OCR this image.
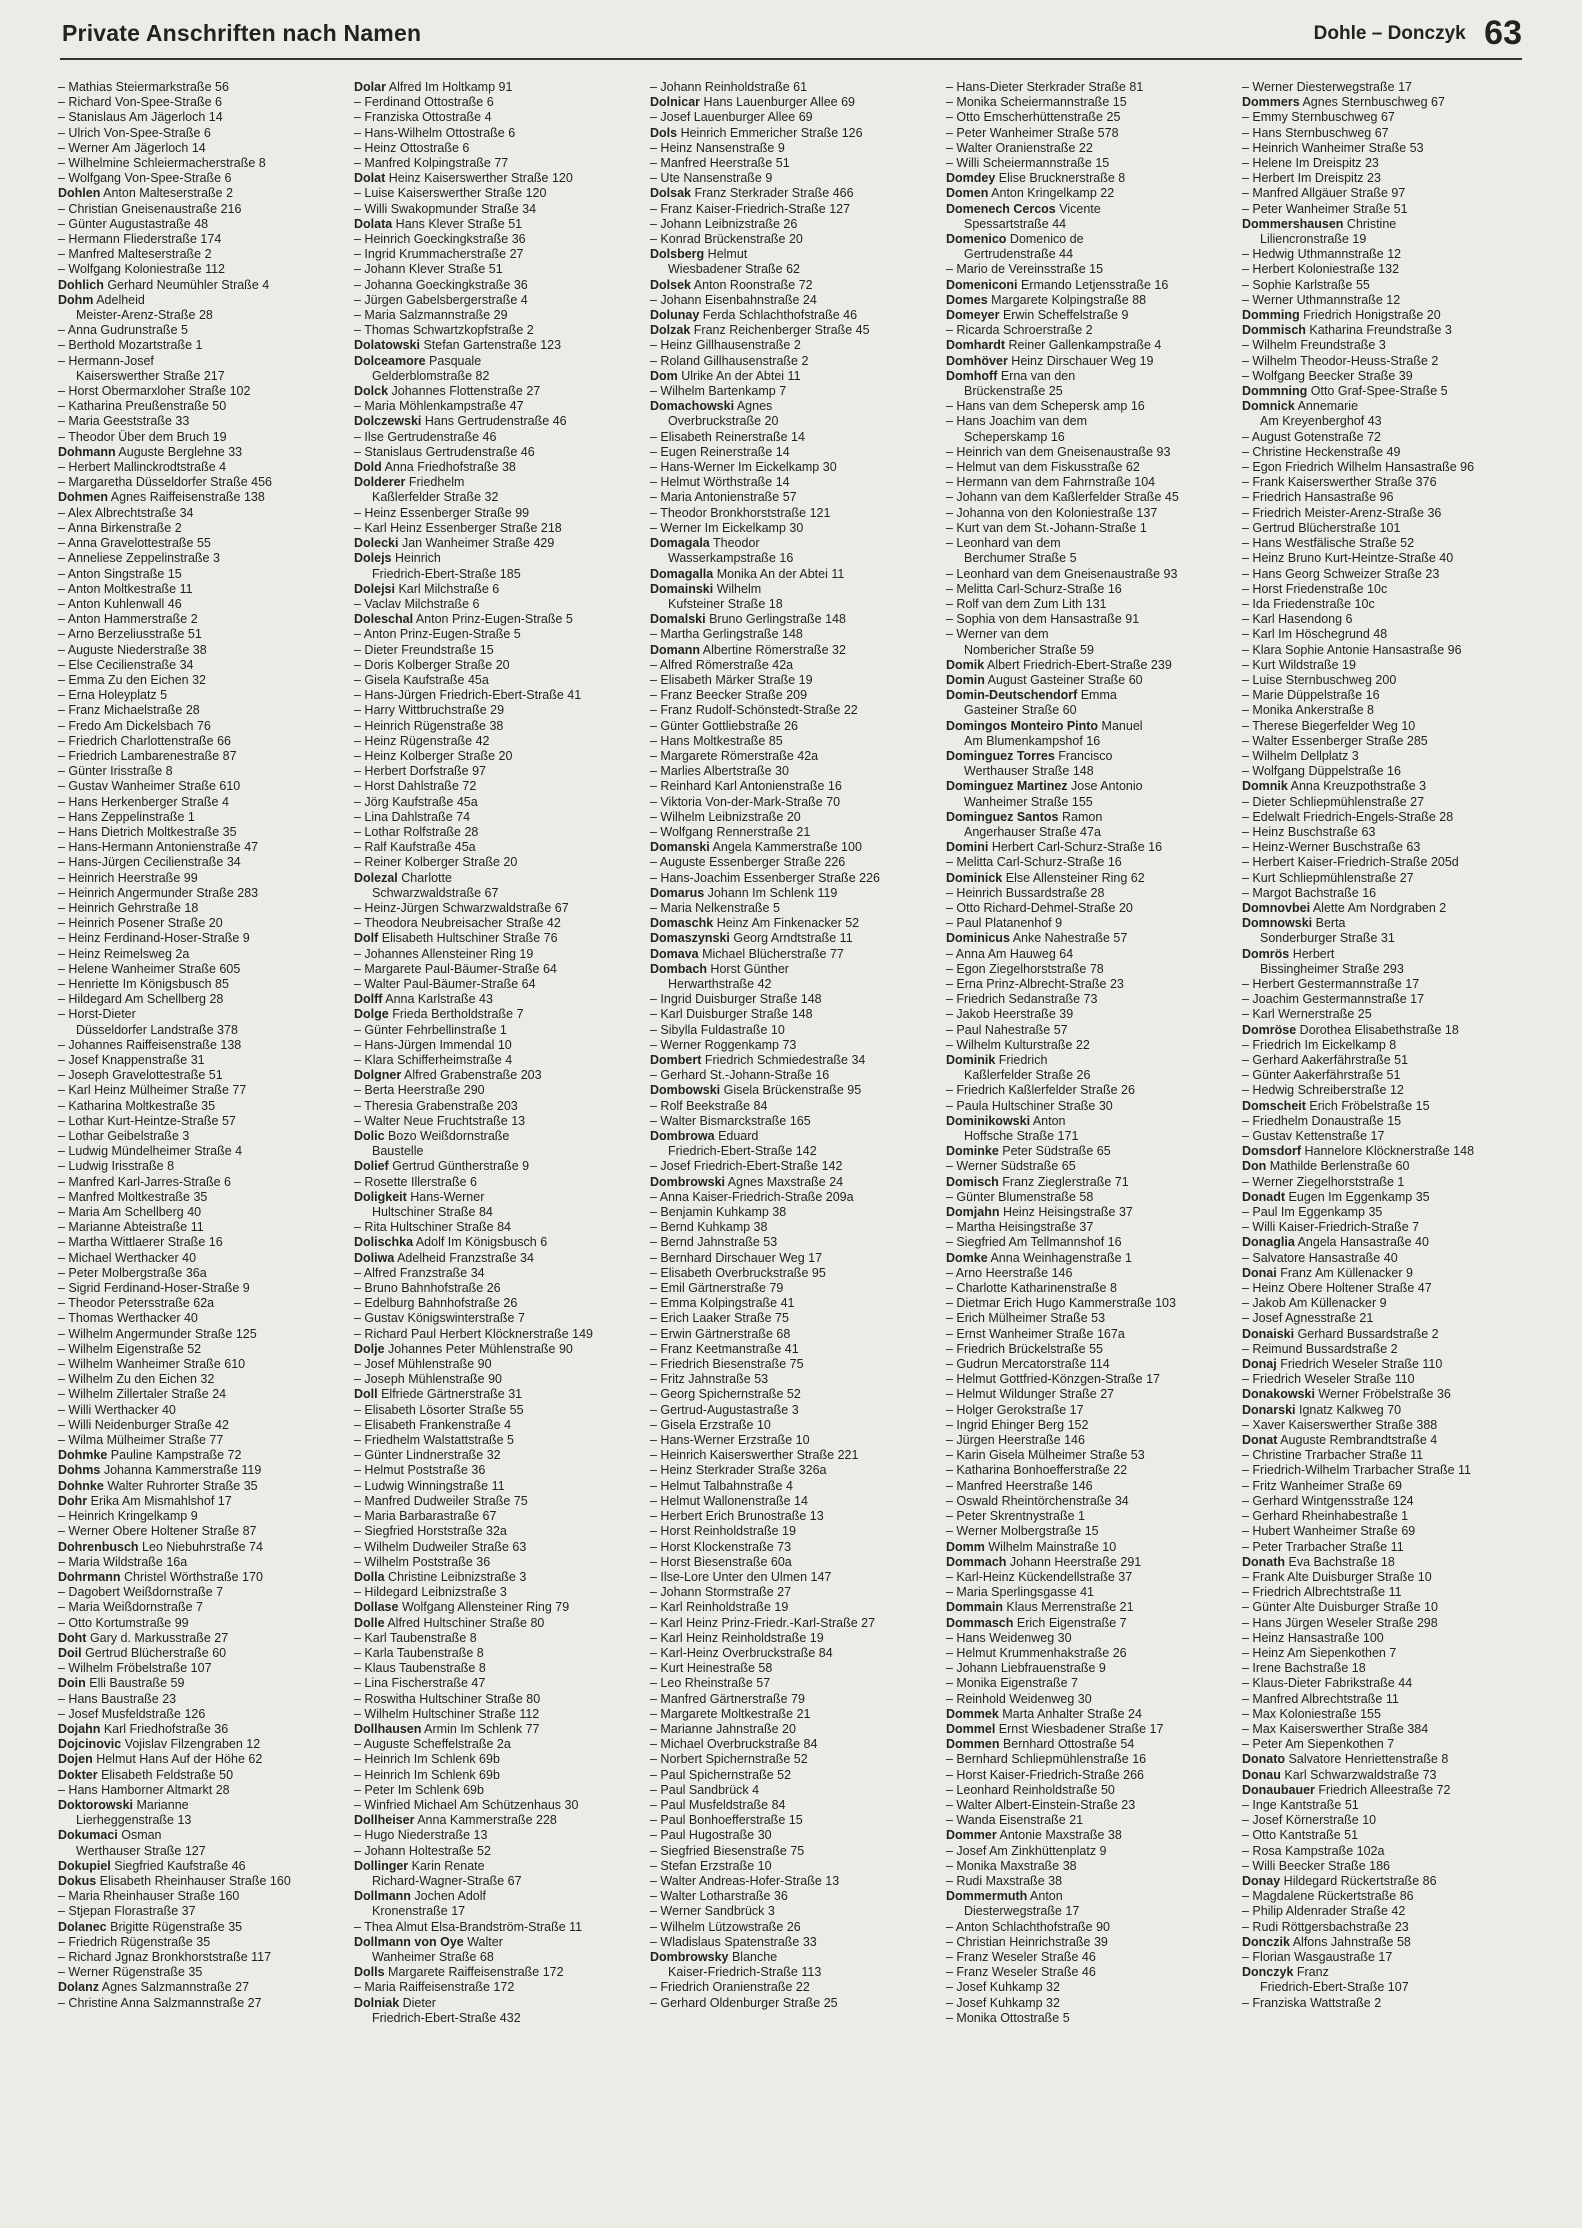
Private Anschriften nach Namen	Dohle – Donczyk 63
– Mathias Steiermarkstraße 56
– Richard Von-Spee-Straße 6
– Stanislaus Am Jägerloch 14
– Ulrich Von-Spee-Straße 6
– Werner Am Jägerloch 14
– Wilhelmine Schleiermacherstraße 8
– Wolfgang Von-Spee-Straße 6
Dohlen Anton Malteserstraße 2
– Christian Gneisenaustraße 216
– Günter Augustastraße 48
– Hermann Fliederstraße 174
– Manfred Malteserstraße 2
– Wolfgang Koloniestraße 112
Dohlich Gerhard Neumühler Straße 4
Dohm Adelheid
Meister-Arenz-Straße 28
– Anna Gudrunstraße 5
– Berthold Mozartstraße 1
– Hermann-Josef
Kaiserswerther Straße 217
– Horst Obermarxloher Straße 102
– Katharina Preußenstraße 50
– Maria Geeststraße 33
– Theodor Über dem Bruch 19
Dohmann Auguste Berglehne 33
– Herbert Mallinckrodtstraße 4
– Margaretha Düsseldorfer Straße 456
Dohmen Agnes Raiffeisenstraße 138
– Alex Albrechtstraße 34
– Anna Birkenstraße 2
– Anna Gravelottestraße 55
– Anneliese Zeppelinstraße 3
– Anton Singstraße 15
– Anton Moltkestraße 11
– Anton Kuhlenwall 46
– Anton Hammerstraße 2
– Arno Berzeliusstraße 51
– Auguste Niederstraße 38
– Else Cecilienstraße 34
– Emma Zu den Eichen 32
– Erna Holeyplatz 5
– Franz Michaelstraße 28
– Fredo Am Dickelsbach 76
– Friedrich Charlottenstraße 66
– Friedrich Lambarenestraße 87
– Günter Irisstraße 8
– Gustav Wanheimer Straße 610
– Hans Herkenberger Straße 4
– Hans Zeppelinstraße 1
– Hans Dietrich Moltkestraße 35
– Hans-Hermann Antonienstraße 47
– Hans-Jürgen Cecilienstraße 34
– Heinrich Heerstraße 99
– Heinrich Angermunder Straße 283
– Heinrich Gehrstraße 18
– Heinrich Posener Straße 20
– Heinz Ferdinand-Hoser-Straße 9
– Heinz Reimelsweg 2a
– Helene Wanheimer Straße 605
– Henriette Im Königsbusch 85
– Hildegard Am Schellberg 28
– Horst-Dieter
Düsseldorfer Landstraße 378
– Johannes Raiffeisenstraße 138
– Josef Knappenstraße 31
– Joseph Gravelottestraße 51
– Karl Heinz Mülheimer Straße 77
– Katharina Moltkestraße 35
– Lothar Kurt-Heintze-Straße 57
– Lothar Geibelstraße 3
– Ludwig Mündelheimer Straße 4
– Ludwig Irisstraße 8
– Manfred Karl-Jarres-Straße 6
– Manfred Moltkestraße 35
– Maria Am Schellberg 40
– Marianne Abteistraße 11
– Martha Wittlaerer Straße 16
– Michael Werthacker 40
– Peter Molbergstraße 36a
– Sigrid Ferdinand-Hoser-Straße 9
– Theodor Petersstraße 62a
– Thomas Werthacker 40
– Wilhelm Angermunder Straße 125
– Wilhelm Eigenstraße 52
– Wilhelm Wanheimer Straße 610
– Wilhelm Zu den Eichen 32
– Wilhelm Zillertaler Straße 24
– Willi Werthacker 40
– Willi Neidenburger Straße 42
– Wilma Mülheimer Straße 77
Dohmke Pauline Kampstraße 72
Dohms Johanna Kammerstraße 119
Dohnke Walter Ruhrorter Straße 35
Dohr Erika Am Mismahlshof 17
– Heinrich Kringelkamp 9
– Werner Obere Holtener Straße 87
Dohrenbusch Leo Niebuhrstraße 74
– Maria Wildstraße 16a
Dohrmann Christel Wörthstraße 170
– Dagobert Weißdornstraße 7
– Maria Weißdornstraße 7
– Otto Kortumstraße 99
Doht Gary d. Markusstraße 27
Doil Gertrud Blücherstraße 60
– Wilhelm Fröbelstraße 107
Doin Elli Baustraße 59
– Hans Baustraße 23
– Josef Musfeldstraße 126
Dojahn Karl Friedhofstraße 36
Dojcinovic Vojislav Filzengraben 12
Dojen Helmut Hans Auf der Höhe 62
Dokter Elisabeth Feldstraße 50
– Hans Hamborner Altmarkt 28
Doktorowski Marianne
Lierheggenstraße 13
Dokumaci Osman
Werthauser Straße 127
Dokupiel Siegfried Kaufstraße 46
Dokus Elisabeth Rheinhauser Straße 160
– Maria Rheinhauser Straße 160
– Stjepan Florastraße 37
Dolanec Brigitte Rügenstraße 35
– Friedrich Rügenstraße 35
– Richard Jgnaz Bronkhorststraße 117
– Werner Rügenstraße 35
Dolanz Agnes Salzmannstraße 27
– Christine Anna Salzmannstraße 27
Dolar Alfred Im Holtkamp 91
– Ferdinand Ottostraße 6
– Franziska Ottostraße 4
– Hans-Wilhelm Ottostraße 6
– Heinz Ottostraße 6
– Manfred Kolpingstraße 77
Dolat Heinz Kaiserswerther Straße 120
– Luise Kaiserswerther Straße 120
– Willi Swakopmunder Straße 34
Dolata Hans Klever Straße 51
– Heinrich Goeckingkstraße 36
– Ingrid Krummacherstraße 27
– Johann Klever Straße 51
– Johanna Goeckingkstraße 36
– Jürgen Gabelsbergerstraße 4
– Maria Salzmannstraße 29
– Thomas Schwartzkopfstraße 2
Dolatowski Stefan Gartenstraße 123
Dolceamore Pasquale
Gelderblomstraße 82
Dolck Johannes Flottenstraße 27
– Maria Möhlenkampstraße 47
Dolczewski Hans Gertrudenstraße 46
– Ilse Gertrudenstraße 46
– Stanislaus Gertrudenstraße 46
Dold Anna Friedhofstraße 38
Dolderer Friedhelm
Kaßlerfelder Straße 32
– Heinz Essenberger Straße 99
– Karl Heinz Essenberger Straße 218
Dolecki Jan Wanheimer Straße 429
Dolejs Heinrich
Friedrich-Ebert-Straße 185
Dolejsi Karl Milchstraße 6
– Vaclav Milchstraße 6
Doleschal Anton Prinz-Eugen-Straße 5
– Anton Prinz-Eugen-Straße 5
– Dieter Freundstraße 15
– Doris Kolberger Straße 20
– Gisela Kaufstraße 45a
– Hans-Jürgen Friedrich-Ebert-Straße 41
– Harry Wittbruchstraße 29
– Heinrich Rügenstraße 38
– Heinz Rügenstraße 42
– Heinz Kolberger Straße 20
– Herbert Dorfstraße 97
– Horst Dahlstraße 72
– Jörg Kaufstraße 45a
– Lina Dahlstraße 74
– Lothar Rolfstraße 28
– Ralf Kaufstraße 45a
– Reiner Kolberger Straße 20
Dolezal Charlotte
Schwarzwaldstraße 67
– Heinz-Jürgen Schwarzwaldstraße 67
– Theodora Neubreisacher Straße 42
Dolf Elisabeth Hultschiner Straße 76
– Johannes Allensteiner Ring 19
– Margarete Paul-Bäumer-Straße 64
– Walter Paul-Bäumer-Straße 64
Dolff Anna Karlstraße 43
Dolge Frieda Bertholdstraße 7
– Günter Fehrbellinstraße 1
– Hans-Jürgen Immendal 10
– Klara Schifferheimstraße 4
Dolgner Alfred Grabenstraße 203
– Berta Heerstraße 290
– Theresia Grabenstraße 203
– Walter Neue Fruchtstraße 13
Dolic Bozo Weißdornstraße
Baustelle
Dolief Gertrud Güntherstraße 9
– Rosette Illerstraße 6
Doligkeit Hans-Werner
Hultschiner Straße 84
– Rita Hultschiner Straße 84
Dolischka Adolf Im Königsbusch 6
Doliwa Adelheid Franzstraße 34
– Alfred Franzstraße 34
– Bruno Bahnhofstraße 26
– Edelburg Bahnhofstraße 26
– Gustav Königswinterstraße 7
– Richard Paul Herbert Klöcknerstraße 149
Dolje Johannes Peter Mühlenstraße 90
– Josef Mühlenstraße 90
– Joseph Mühlenstraße 90
Doll Elfriede Gärtnerstraße 31
– Elisabeth Lösorter Straße 55
– Elisabeth Frankenstraße 4
– Friedhelm Walstattstraße 5
– Günter Lindnerstraße 32
– Helmut Poststraße 36
– Ludwig Winningstraße 11
– Manfred Dudweiler Straße 75
– Maria Barbarastraße 67
– Siegfried Horststraße 32a
– Wilhelm Dudweiler Straße 63
– Wilhelm Poststraße 36
Dolla Christine Leibnizstraße 3
– Hildegard Leibnizstraße 3
Dollase Wolfgang Allensteiner Ring 79
Dolle Alfred Hultschiner Straße 80
– Karl Taubenstraße 8
– Karla Taubenstraße 8
– Klaus Taubenstraße 8
– Lina Fischerstraße 47
– Roswitha Hultschiner Straße 80
– Wilhelm Hultschiner Straße 112
Dollhausen Armin Im Schlenk 77
– Auguste Scheffelstraße 2a
– Heinrich Im Schlenk 69b
– Heinrich Im Schlenk 69b
– Peter Im Schlenk 69b
– Winfried Michael Am Schützenhaus 30
Dollheiser Anna Kammerstraße 228
– Hugo Niederstraße 13
– Johann Holtestraße 52
Dollinger Karin Renate
Richard-Wagner-Straße 67
Dollmann Jochen Adolf
Kronenstraße 17
– Thea Almut Elsa-Brandström-Straße 11
Dollmann von Oye Walter
Wanheimer Straße 68
Dolls Margarete Raiffeisenstraße 172
– Maria Raiffeisenstraße 172
Dolniak Dieter
Friedrich-Ebert-Straße 432
– Johann Reinholdstraße 61
Dolnicar Hans Lauenburger Allee 69
– Josef Lauenburger Allee 69
Dols Heinrich Emmericher Straße 126
– Heinz Nansenstraße 9
– Manfred Heerstraße 51
– Ute Nansenstraße 9
Dolsak Franz Sterkrader Straße 466
– Franz Kaiser-Friedrich-Straße 127
– Johann Leibnizstraße 26
– Konrad Brückenstraße 20
Dolsberg Helmut
Wiesbadener Straße 62
Dolsek Anton Roonstraße 72
– Johann Eisenbahnstraße 24
Dolunay Ferda Schlachthofstraße 46
Dolzak Franz Reichenberger Straße 45
– Heinz Gillhausenstraße 2
– Roland Gillhausenstraße 2
Dom Ulrike An der Abtei 11
– Wilhelm Bartenkamp 7
Domachowski Agnes
Overbruckstraße 20
– Elisabeth Reinerstraße 14
– Eugen Reinerstraße 14
– Hans-Werner Im Eickelkamp 30
– Helmut Wörthstraße 14
– Maria Antonienstraße 57
– Theodor Bronkhorststraße 121
– Werner Im Eickelkamp 30
Domagala Theodor
Wasserkampstraße 16
Domagalla Monika An der Abtei 11
Domainski Wilhelm
Kufsteiner Straße 18
Domalski Bruno Gerlingstraße 148
– Martha Gerlingstraße 148
Domann Albertine Römerstraße 32
– Alfred Römerstraße 42a
– Elisabeth Märker Straße 19
– Franz Beecker Straße 209
– Franz Rudolf-Schönstedt-Straße 22
– Günter Gottliebstraße 26
– Hans Moltkestraße 85
– Margarete Römerstraße 42a
– Marlies Albertstraße 30
– Reinhard Karl Antonienstraße 16
– Viktoria Von-der-Mark-Straße 70
– Wilhelm Leibnizstraße 20
– Wolfgang Rennerstraße 21
Domanski Angela Kammerstraße 100
– Auguste Essenberger Straße 226
– Hans-Joachim Essenberger Straße 226
Domarus Johann Im Schlenk 119
– Maria Nelkenstraße 5
Domaschk Heinz Am Finkenacker 52
Domaszynski Georg Arndtstraße 11
Domava Michael Blücherstraße 77
Dombach Horst Günther
Herwarthstraße 42
– Ingrid Duisburger Straße 148
– Karl Duisburger Straße 148
– Sibylla Fuldastraße 10
– Werner Roggenkamp 73
Dombert Friedrich Schmiedestraße 34
– Gerhard St.-Johann-Straße 16
Dombowski Gisela Brückenstraße 95
– Rolf Beekstraße 84
– Walter Bismarckstraße 165
Dombrowa Eduard
Friedrich-Ebert-Straße 142
– Josef Friedrich-Ebert-Straße 142
Dombrowski Agnes Maxstraße 24
– Anna Kaiser-Friedrich-Straße 209a
– Benjamin Kuhkamp 38
– Bernd Kuhkamp 38
– Bernd Jahnstraße 53
– Bernhard Dirschauer Weg 17
– Elisabeth Overbruckstraße 95
– Emil Gärtnerstraße 79
– Emma Kolpingstraße 41
– Erich Laaker Straße 75
– Erwin Gärtnerstraße 68
– Franz Keetmanstraße 41
– Friedrich Biesenstraße 75
– Fritz Jahnstraße 53
– Georg Spichernstraße 52
– Gertrud-Augustastraße 3
– Gisela Erzstraße 10
– Hans-Werner Erzstraße 10
– Heinrich Kaiserswerther Straße 221
– Heinz Sterkrader Straße 326a
– Helmut Talbahnstraße 4
– Helmut Wallonenstraße 14
– Herbert Erich Brunostraße 13
– Horst Reinholdstraße 19
– Horst Klockenstraße 73
– Horst Biesenstraße 60a
– Ilse-Lore Unter den Ulmen 147
– Johann Stormstraße 27
– Karl Reinholdstraße 19
– Karl Heinz Prinz-Friedr.-Karl-Straße 27
– Karl Heinz Reinholdstraße 19
– Karl-Heinz Overbruckstraße 84
– Kurt Heinestraße 58
– Leo Rheinstraße 57
– Manfred Gärtnerstraße 79
– Margarete Moltkestraße 21
– Marianne Jahnstraße 20
– Michael Overbruckstraße 84
– Norbert Spichernstraße 52
– Paul Spichernstraße 52
– Paul Sandbrück 4
– Paul Musfeldstraße 84
– Paul Bonhoefferstraße 15
– Paul Hugostraße 30
– Siegfried Biesenstraße 75
– Stefan Erzstraße 10
– Walter Andreas-Hofer-Straße 13
– Walter Lotharstraße 36
– Werner Sandbrück 3
– Wilhelm Lützowstraße 26
– Wladislaus Spatenstraße 33
Dombrowsky Blanche
Kaiser-Friedrich-Straße 113
– Friedrich Oranienstraße 22
– Gerhard Oldenburger Straße 25
– Hans-Dieter Sterkrader Straße 81
– Monika Scheiermannstraße 15
– Otto Emscherhüttenstraße 25
– Peter Wanheimer Straße 578
– Walter Oranienstraße 22
– Willi Scheiermannstraße 15
Domdey Elise Brucknerstraße 8
Domen Anton Kringelkamp 22
Domenech Cercos Vicente
Spessartstraße 44
Domenico Domenico de
Gertrudenstraße 44
– Mario de Vereinsstraße 15
Domeniconi Ermando Letjensstraße 16
Domes Margarete Kolpingstraße 88
Domeyer Erwin Scheffelstraße 9
– Ricarda Schroerstraße 2
Domhardt Reiner Gallenkampstraße 4
Domhöver Heinz Dirschauer Weg 19
Domhoff Erna van den
Brückenstraße 25
– Hans van dem Schepersk amp 16
– Hans Joachim van dem
Scheperskamp 16
– Heinrich van dem Gneisenaustraße 93
– Helmut van dem Fiskusstraße 62
– Hermann van dem Fahrnstraße 104
– Johann van dem Kaßlerfelder Straße 45
– Johanna von den Koloniestraße 137
– Kurt van dem St.-Johann-Straße 1
– Leonhard van dem
Berchumer Straße 5
– Leonhard van dem Gneisenaustraße 93
– Melitta Carl-Schurz-Straße 16
– Rolf van dem Zum Lith 131
– Sophia von dem Hansastraße 91
– Werner van dem
Nombericher Straße 59
Domik Albert Friedrich-Ebert-Straße 239
Domin August Gasteiner Straße 60
Domin-Deutschendorf Emma
Gasteiner Straße 60
Domingos Monteiro Pinto Manuel
Am Blumenkampshof 16
Dominguez Torres Francisco
Werthauser Straße 148
Dominguez Martinez Jose Antonio
Wanheimer Straße 155
Dominguez Santos Ramon
Angerhauser Straße 47a
Domini Herbert Carl-Schurz-Straße 16
– Melitta Carl-Schurz-Straße 16
Dominick Else Allensteiner Ring 62
– Heinrich Bussardstraße 28
– Otto Richard-Dehmel-Straße 20
– Paul Platanenhof 9
Dominicus Anke Nahestraße 57
– Anna Am Hauweg 64
– Egon Ziegelhorststraße 78
– Erna Prinz-Albrecht-Straße 23
– Friedrich Sedanstraße 73
– Jakob Heerstraße 39
– Paul Nahestraße 57
– Wilhelm Kulturstraße 22
Dominik Friedrich
Kaßlerfelder Straße 26
– Friedrich Kaßlerfelder Straße 26
– Paula Hultschiner Straße 30
Dominikowski Anton
Hoffsche Straße 171
Dominke Peter Südstraße 65
– Werner Südstraße 65
Domisch Franz Zieglerstraße 71
– Günter Blumenstraße 58
Domjahn Heinz Heisingstraße 37
– Martha Heisingstraße 37
– Siegfried Am Tellmannshof 16
Domke Anna Weinhagenstraße 1
– Arno Heerstraße 146
– Charlotte Katharinenstraße 8
– Dietmar Erich Hugo Kammerstraße 103
– Erich Mülheimer Straße 53
– Ernst Wanheimer Straße 167a
– Friedrich Brückelstraße 55
– Gudrun Mercatorstraße 114
– Helmut Gottfried-Könzgen-Straße 17
– Helmut Wildunger Straße 27
– Holger Gerokstraße 17
– Ingrid Ehinger Berg 152
– Jürgen Heerstraße 146
– Karin Gisela Mülheimer Straße 53
– Katharina Bonhoefferstraße 22
– Manfred Heerstraße 146
– Oswald Rheintörchenstraße 34
– Peter Skrentnystraße 1
– Werner Molbergstraße 15
Domm Wilhelm Mainstraße 10
Dommach Johann Heerstraße 291
– Karl-Heinz Kückendellstraße 37
– Maria Sperlingsgasse 41
Dommain Klaus Merrenstraße 21
Dommasch Erich Eigenstraße 7
– Hans Weidenweg 30
– Helmut Krummenhakstraße 26
– Johann Liebfrauenstraße 9
– Monika Eigenstraße 7
– Reinhold Weidenweg 30
Dommek Marta Anhalter Straße 24
Dommel Ernst Wiesbadener Straße 17
Dommen Bernhard Ottostraße 54
– Bernhard Schliepmühlenstraße 16
– Horst Kaiser-Friedrich-Straße 266
– Leonhard Reinholdstraße 50
– Walter Albert-Einstein-Straße 23
– Wanda Eisenstraße 21
Dommer Antonie Maxstraße 38
– Josef Am Zinkhüttenplatz 9
– Monika Maxstraße 38
– Rudi Maxstraße 38
Dommermuth Anton
Diesterwegstraße 17
– Anton Schlachthofstraße 90
– Christian Heinrichstraße 39
– Franz Weseler Straße 46
– Franz Weseler Straße 46
– Josef Kuhkamp 32
– Josef Kuhkamp 32
– Monika Ottostraße 5
– Werner Diesterwegstraße 17
Dommers Agnes Sternbuschweg 67
– Emmy Sternbuschweg 67
– Hans Sternbuschweg 67
– Heinrich Wanheimer Straße 53
– Helene Im Dreispitz 23
– Herbert Im Dreispitz 23
– Manfred Allgäuer Straße 97
– Peter Wanheimer Straße 51
Dommershausen Christine
Liliencronstraße 19
– Hedwig Uthmannstraße 12
– Herbert Koloniestraße 132
– Sophie Karlstraße 55
– Werner Uthmannstraße 12
Domming Friedrich Honigstraße 20
Dommisch Katharina Freundstraße 3
– Wilhelm Freundstraße 3
– Wilhelm Theodor-Heuss-Straße 2
– Wolfgang Beecker Straße 39
Dommning Otto Graf-Spee-Straße 5
Domnick Annemarie
Am Kreyenberghof 43
– August Gotenstraße 72
– Christine Heckenstraße 49
– Egon Friedrich Wilhelm Hansastraße 96
– Frank Kaiserswerther Straße 376
– Friedrich Hansastraße 96
– Friedrich Meister-Arenz-Straße 36
– Gertrud Blücherstraße 101
– Hans Westfälische Straße 52
– Heinz Bruno Kurt-Heintze-Straße 40
– Hans Georg Schweizer Straße 23
– Horst Friedenstraße 10c
– Ida Friedenstraße 10c
– Karl Hasendong 6
– Karl Im Höschegrund 48
– Klara Sophie Antonie Hansastraße 96
– Kurt Wildstraße 19
– Luise Sternbuschweg 200
– Marie Düppelstraße 16
– Monika Ankerstraße 8
– Therese Biegerfelder Weg 10
– Walter Essenberger Straße 285
– Wilhelm Dellplatz 3
– Wolfgang Düppelstraße 16
Domnik Anna Kreuzpothstraße 3
– Dieter Schliepmühlenstraße 27
– Edelwalt Friedrich-Engels-Straße 28
– Heinz Buschstraße 63
– Heinz-Werner Buschstraße 63
– Herbert Kaiser-Friedrich-Straße 205d
– Kurt Schliepmühlenstraße 27
– Margot Bachstraße 16
Domnovbei Alette Am Nordgraben 2
Domnowski Berta
Sonderburger Straße 31
Domrös Herbert
Bissingheimer Straße 293
– Herbert Gestermannstraße 17
– Joachim Gestermannstraße 17
– Karl Wernerstraße 25
Domröse Dorothea Elisabethstraße 18
– Friedrich Im Eickelkamp 8
– Gerhard Aakerfährstraße 51
– Günter Aakerfährstraße 51
– Hedwig Schreiberstraße 12
Domscheit Erich Fröbelstraße 15
– Friedhelm Donaustraße 15
– Gustav Kettenstraße 17
Domsdorf Hannelore Klöcknerstraße 148
Don Mathilde Berlenstraße 60
– Werner Ziegelhorststraße 1
Donadt Eugen Im Eggenkamp 35
– Paul Im Eggenkamp 35
– Willi Kaiser-Friedrich-Straße 7
Donaglia Angela Hansastraße 40
– Salvatore Hansastraße 40
Donai Franz Am Küllenacker 9
– Heinz Obere Holtener Straße 47
– Jakob Am Küllenacker 9
– Josef Agnesstraße 21
Donaiski Gerhard Bussardstraße 2
– Reimund Bussardstraße 2
Donaj Friedrich Weseler Straße 110
– Friedrich Weseler Straße 110
Donakowski Werner Fröbelstraße 36
Donarski Ignatz Kalkweg 70
– Xaver Kaiserswerther Straße 388
Donat Auguste Rembrandtstraße 4
– Christine Trarbacher Straße 11
– Friedrich-Wilhelm Trarbacher Straße 11
– Fritz Wanheimer Straße 69
– Gerhard Wintgensstraße 124
– Gerhard Rheinhabestraße 1
– Hubert Wanheimer Straße 69
– Peter Trarbacher Straße 11
Donath Eva Bachstraße 18
– Frank Alte Duisburger Straße 10
– Friedrich Albrechtstraße 11
– Günter Alte Duisburger Straße 10
– Hans Jürgen Weseler Straße 298
– Heinz Hansastraße 100
– Heinz Am Siepenkothen 7
– Irene Bachstraße 18
– Klaus-Dieter Fabrikstraße 44
– Manfred Albrechtstraße 11
– Max Koloniestraße 155
– Max Kaiserswerther Straße 384
– Peter Am Siepenkothen 7
Donato Salvatore Henriettenstraße 8
Donau Karl Schwarzwaldstraße 73
Donaubauer Friedrich Alleestraße 72
– Inge Kantstraße 51
– Josef Körnerstraße 10
– Otto Kantstraße 51
– Rosa Kampstraße 102a
– Willi Beecker Straße 186
Donay Hildegard Rückertstraße 86
– Magdalene Rückertstraße 86
– Philip Aldenrader Straße 42
– Rudi Röttgersbachstraße 23
Donczik Alfons Jahnstraße 58
– Florian Wasgaustraße 17
Donczyk Franz
Friedrich-Ebert-Straße 107
– Franziska Wattstraße 2
